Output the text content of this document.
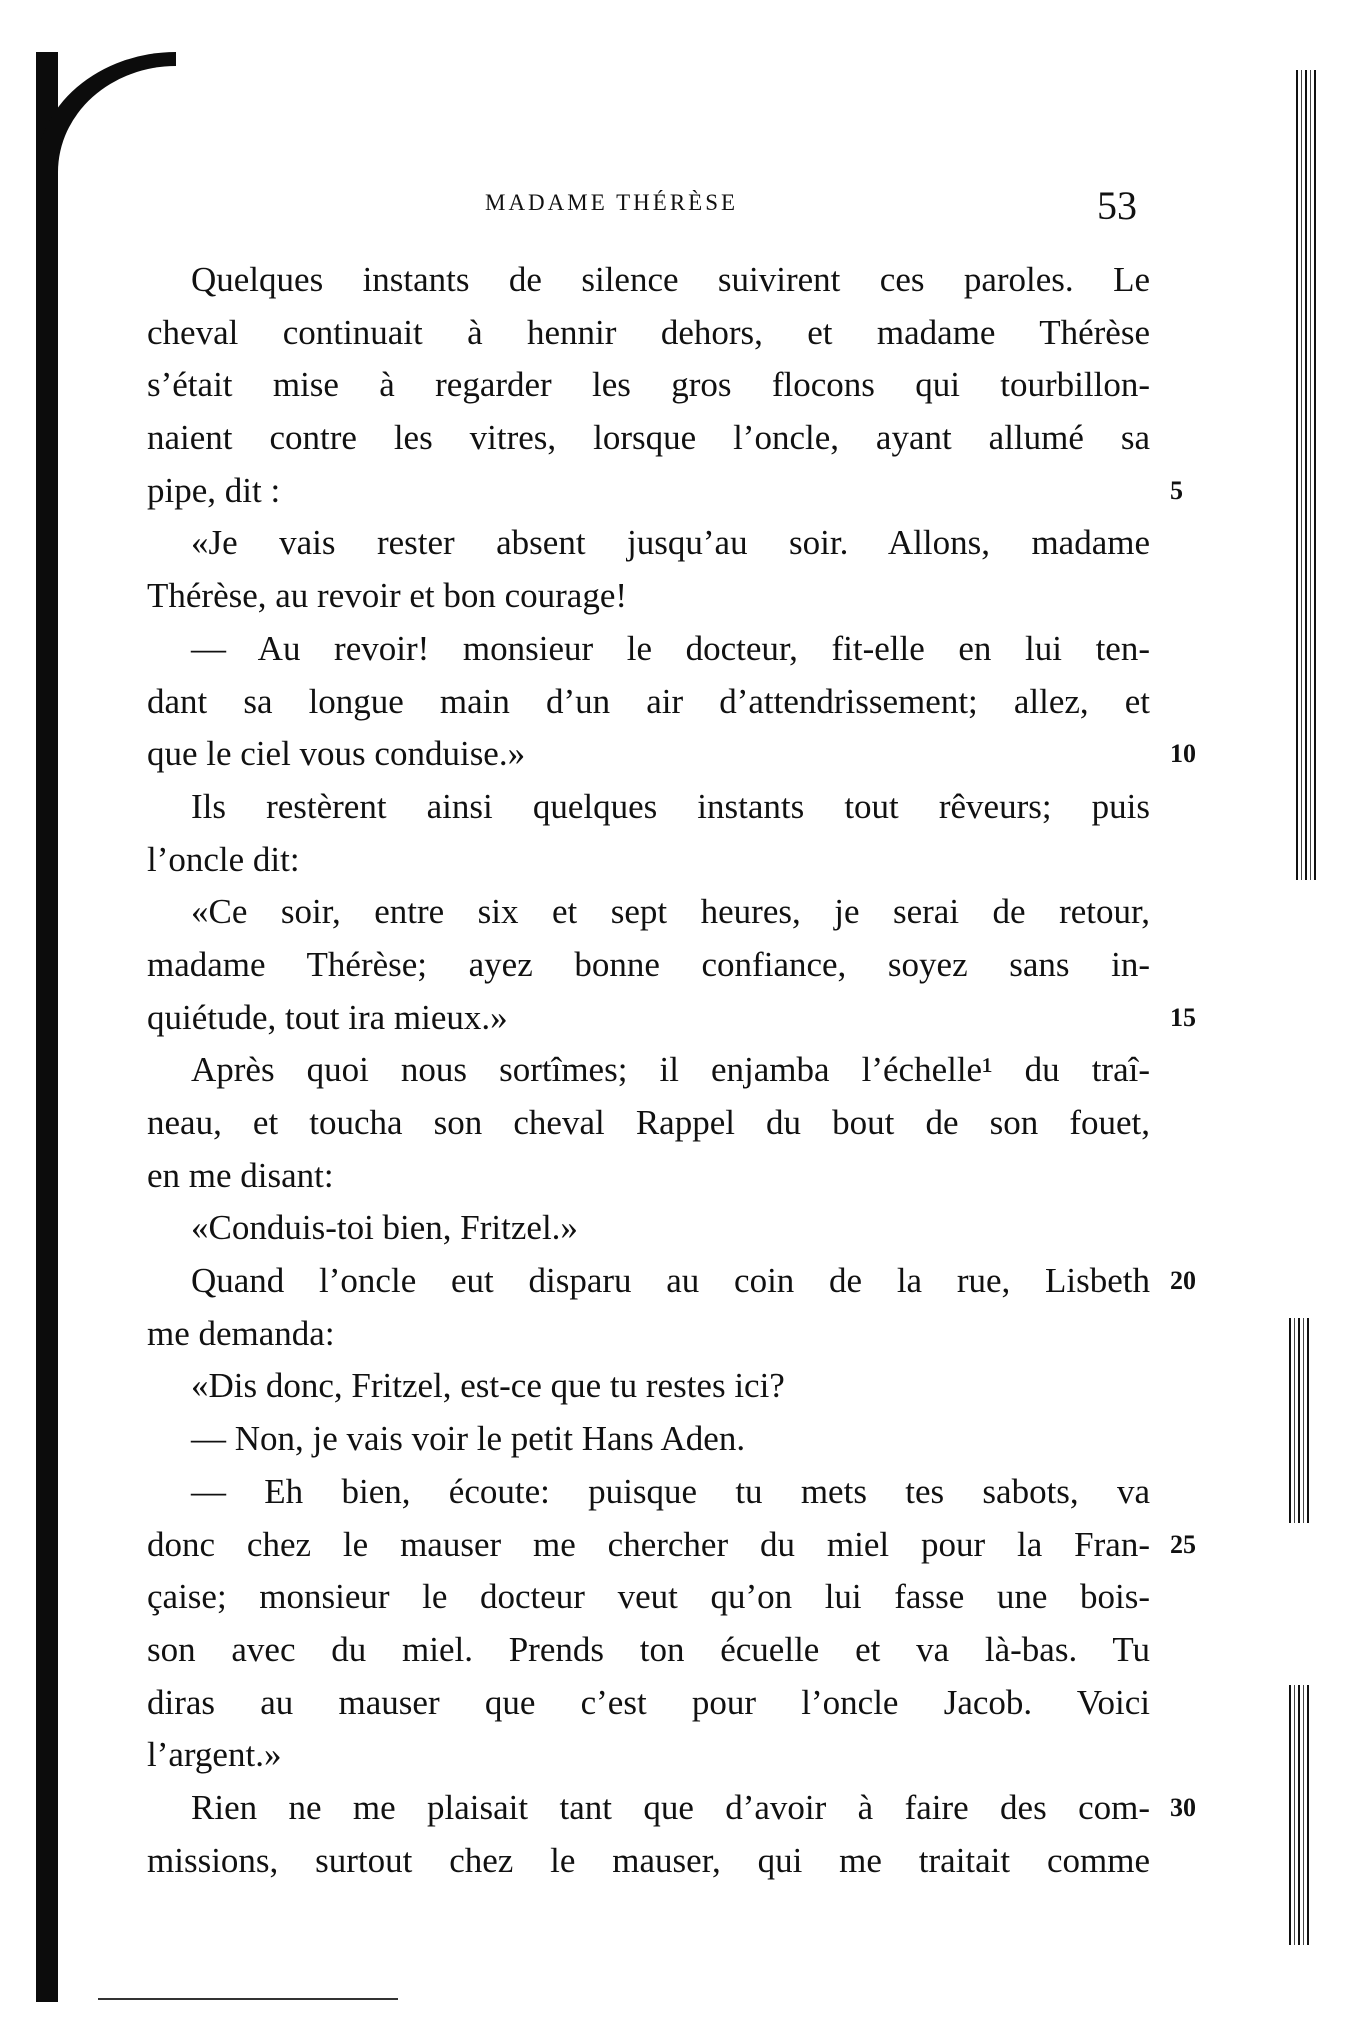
MADAME THÉRÈSE	53
Quelques instants de silence suivirent ces paroles. Le
cheval continuait à hennir dehors, et madame Thérèse
s’était mise à regarder les gros flocons qui tourbillon-
naient contre les vitres, lorsque l’oncle, ayant allumé sa
pipe, dit :	5
«Je vais rester absent jusqu’au soir. Allons, madame
Thérèse, au revoir et bon courage!
— Au revoir! monsieur le docteur, fit-elle en lui ten-
dant sa longue main d’un air d’attendrissement; allez, et
que le ciel vous conduise.»	10
Ils restèrent ainsi quelques instants tout rêveurs; puis
l’oncle dit:
«Ce soir, entre six et sept heures, je serai de retour,
madame Thérèse; ayez bonne confiance, soyez sans in-
quiétude, tout ira mieux.»	15
Après quoi nous sortîmes; il enjamba l’échelle¹ du traî-
neau, et toucha son cheval Rappel du bout de son fouet,
en me disant:
«Conduis-toi bien, Fritzel.»
Quand l’oncle eut disparu au coin de la rue, Lisbeth 20
me demanda:
«Dis donc, Fritzel, est-ce que tu restes ici?
— Non, je vais voir le petit Hans Aden.
— Eh bien, écoute: puisque tu mets tes sabots, va
donc chez le mauser me chercher du miel pour la Fran- 25
çaise; monsieur le docteur veut qu’on lui fasse une bois-
son avec du miel. Prends ton écuelle et va là-bas. Tu
diras au mauser que c’est pour l’oncle Jacob. Voici
l’argent.»
Rien ne me plaisait tant que d’avoir à faire des com- 30
missions, surtout chez le mauser, qui me traitait comme
